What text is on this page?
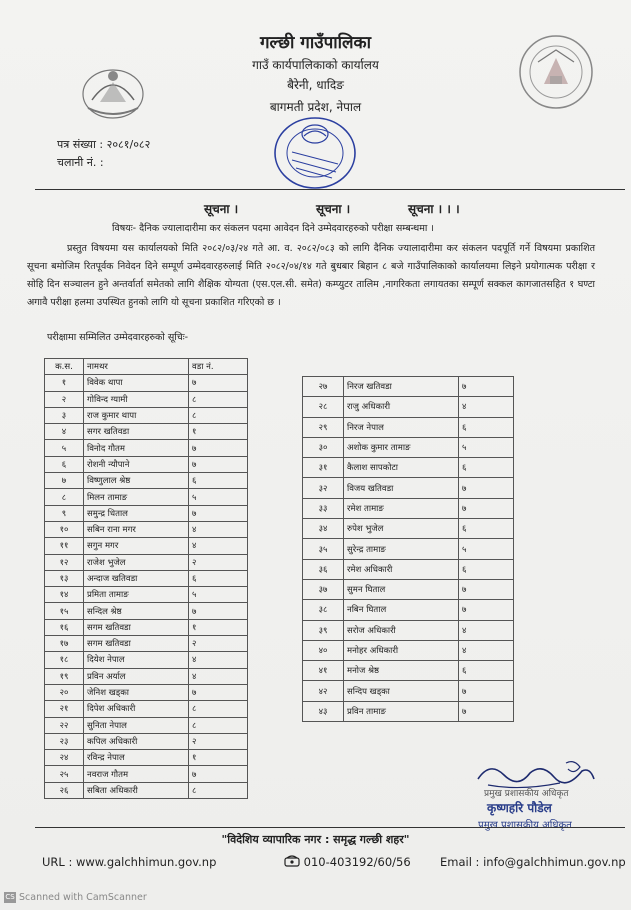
गल्छी गाउँपालिका
गाउँ कार्यपालिकाको कार्यालय
बैरेनी, धादिङ
बागमती प्रदेश, नेपाल
पत्र संख्या : २०८१/०८२
चलानी नं. :
सूचना ।	सूचना ।	सूचना । । ।
विषयः- दैनिक ज्यालादारीमा कर संकलन पदमा आवेदन दिने उम्मेदवारहरुको परीक्षा सम्बन्धमा ।
प्रस्तुत विषयमा यस कार्यालयको मिति २०८२/०३/२४ गते आ. व. २०८२/०८३ को लागि दैनिक ज्यालादारीमा कर संकलन पदपूर्ति गर्ने विषयमा प्रकाशित सूचना बमोजिम रितपूर्वक निवेदन दिने सम्पूर्ण उम्मेदवारहरुलाई मिति २०८२/०४/१४ गते बुधबार बिहान ८ बजे गाउँपालिकाको कार्यालयमा लिइने प्रयोगात्मक परीक्षा र सोहि दिन सञ्चालन हुने अन्तर्वार्ता समेतको लागि शैक्षिक योग्यता (एस.एल.सी. समेत) कम्प्युटर तालिम ,नागरिकता लगायतका सम्पूर्ण सक्कल कागजातसहित १ घण्टा अगावै परीक्षा हलमा उपस्थित हुनको लागि यो सूचना प्रकाशित गरिएको छ ।
परीक्षामा सम्मिलित उम्मेदवारहरुको सूचिः-
क.स.	नामथर	वडा नं.
१	विवेक थापा	७
२	गोविन्द ग्यामी	८
३	राज कुमार थापा	८
४	सगर खतिवडा	१
५	विनोद गौतम	७
६	रोशनी न्यौपाने	७
७	विष्णुलाल श्रेष्ठ	६
८	मिलन तामाङ	५
९	समुन्द्र धिताल	७
१०	सबिन राना मगर	४
११	सगुन मगर	४
१२	राजेश भुजेल	२
१३	अन्दाज खतिवडा	६
१४	प्रमिता तामाङ	५
१५	सन्दिल श्रेष्ठ	७
१६	सगम खतिवडा	१
१७	सगम खतिवडा	२
१८	दियेश नेपाल	४
१९	प्रविन अर्याल	४
२०	जेनिश खड्का	७
२१	दिपेश अधिकारी	८
२२	सुनिता नेपाल	८
२३	कपिल अधिकारी	२
२४	रविन्द्र नेपाल	१
२५	नवराज गौतम	७
२६	सबिता अधिकारी	८
२७	निरज खतिवडा	७
२८	राजु अधिकारी	४
२९	निरज नेपाल	६
३०	अशोक कुमार तामाङ	५
३१	कैलाश सापकोटा	६
३२	विजय खतिवडा	७
३३	रमेश तामाङ	७
३४	रुपेश भुजेल	६
३५	सुरेन्द्र तामाङ	५
३६	रमेश अधिकारी	६
३७	सुमन घिताल	७
३८	नबिन घिताल	७
३९	सरोज अधिकारी	४
४०	मनोहर अधिकारी	४
४१	मनोज श्रेष्ठ	६
४२	सन्दिप खड्का	७
४३	प्रविन तामाङ	७
प्रमुख प्रशासकीय अधिकृत
कृष्णहरि पौडेल
प्रमुख प्रशासकीय अधिकृत
"विदेशिय व्यापारिक नगर : समृद्ध गल्छी शहर"
URL : www.galchhimun.gov.np	010-403192/60/56	Email : info@galchhimun.gov.np
CS Scanned with CamScanner
